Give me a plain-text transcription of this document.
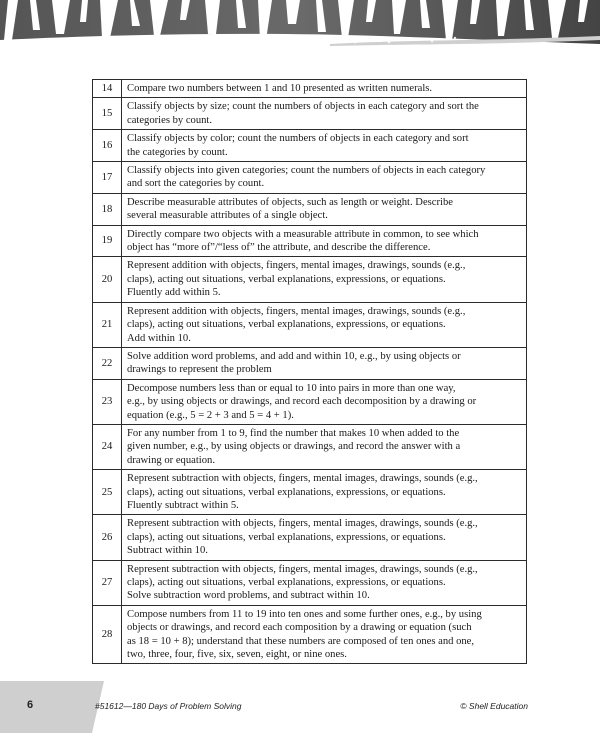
14	Compare two numbers between 1 and 10 presented as written numerals.

15	Classify objects by size; count the numbers of objects in each category and sort the
categories by count.

16	Classify objects by color; count the numbers of objects in each category and sort
the categories by count.

17	Classify objects into given categories; count the numbers of objects in each category
and sort the categories by count.

18	Describe measurable attributes of objects, such as length or weight. Describe
several measurable attributes of a single object.

19	Directly compare two objects with a measurable attribute in common, to see which
object has “more of”/“less of” the attribute, and describe the difference.

20	Represent addition with objects, fingers, mental images, drawings, sounds (e.g.,
claps), acting out situations, verbal explanations, expressions, or equations.
Fluently add within 5.

21	Represent addition with objects, fingers, mental images, drawings, sounds (e.g.,
claps), acting out situations, verbal explanations, expressions, or equations.
Add within 10.

22	Solve addition word problems, and add and within 10, e.g., by using objects or
drawings to represent the problem

23	Decompose numbers less than or equal to 10 into pairs in more than one way,
e.g., by using objects or drawings, and record each decomposition by a drawing or
equation (e.g., 5 = 2 + 3 and 5 = 4 + 1).

24	For any number from 1 to 9, find the number that makes 10 when added to the
given number, e.g., by using objects or drawings, and record the answer with a
drawing or equation.

25	Represent subtraction with objects, fingers, mental images, drawings, sounds (e.g.,
claps), acting out situations, verbal explanations, expressions, or equations.
Fluently subtract within 5.

26	Represent subtraction with objects, fingers, mental images, drawings, sounds (e.g.,
claps), acting out situations, verbal explanations, expressions, or equations.
Subtract within 10.

27	Represent subtraction with objects, fingers, mental images, drawings, sounds (e.g.,
claps), acting out situations, verbal explanations, expressions, or equations.
Solve subtraction word problems, and subtract within 10.

28	Compose numbers from 11 to 19 into ten ones and some further ones, e.g., by using
objects or drawings, and record each composition by a drawing or equation (such
as 18 = 10 + 8); understand that these numbers are composed of ten ones and one,
two, three, four, five, six, seven, eight, or nine ones.
6	#51612—180 Days of Problem Solving	© Shell Education
